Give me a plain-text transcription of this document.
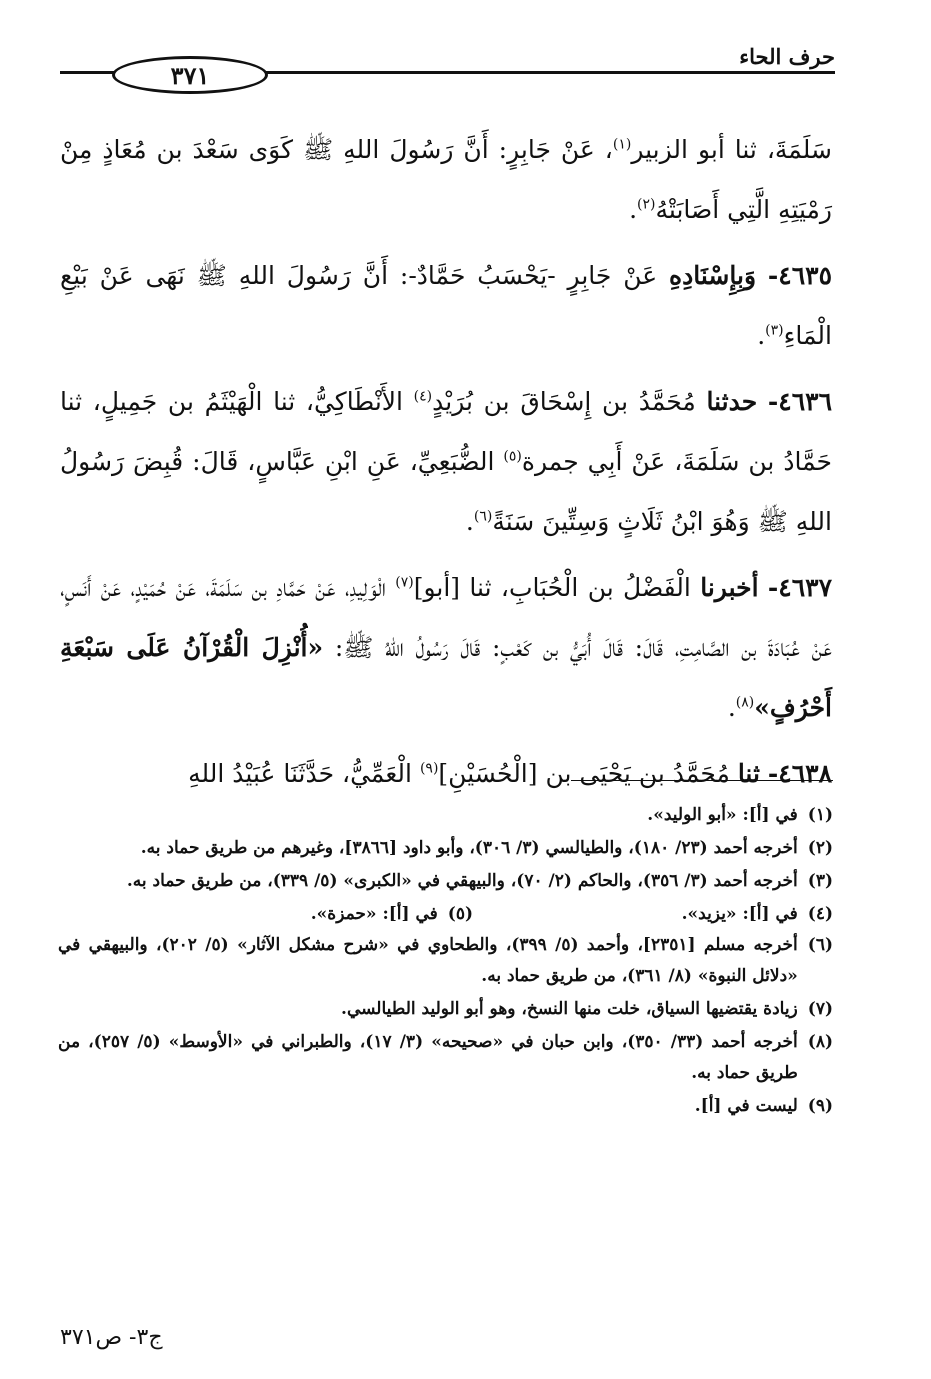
حرف الحاء
٣٧١

سَلَمَةَ، ثنا أبو الزبير$^{(١)}$، عَنْ جَابِرٍ: أَنَّ رَسُولَ اللهِ ﷺ كَوَى سَعْدَ بن مُعَاذٍ مِنْ رَمْيَتِهِ الَّتِي أَصَابَتْهُ$^{(٢)}$.

٤٦٣٥- وَبِإِسْنَادِهِ عَنْ جَابِرٍ -يَحْسَبُ حَمَّادٌ-: أَنَّ رَسُولَ اللهِ ﷺ نَهَى عَنْ بَيْعِ الْمَاءِ$^{(٣)}$.

٤٦٣٦- حدثنا مُحَمَّدُ بن إِسْحَاقَ بن بُرَيْدٍ$^{(٤)}$ الأَنْطَاكِيُّ، ثنا الْهَيْثَمُ بن جَمِيلٍ، ثنا حَمَّادُ بن سَلَمَةَ، عَنْ أَبِي جمرة$^{(٥)}$ الضُّبَعِيِّ، عَنِ ابْنِ عَبَّاسٍ، قَالَ: قُبِضَ رَسُولُ اللهِ ﷺ وَهُوَ ابْنُ ثَلَاثٍ وَسِتِّينَ سَنَةً$^{(٦)}$.

٤٦٣٧- أخبرنا الْفَضْلُ بن الْحُبَابِ، ثنا [أبو]$^{(٧)}$ الْوَلِيدِ، عَنْ حَمَّادِ بن سَلَمَةَ، عَنْ حُمَيْدٍ، عَنْ أَنَسٍ، عَنْ عُبَادَةَ بن الصَّامِتِ، قَالَ: قَالَ أُبَيُّ بن كَعْبٍ: قَالَ رَسُولُ اللهُ ﷺ: «أُنْزِلَ الْقُرْآنُ عَلَى سَبْعَةِ أَحْرُفٍ»$^{(٨)}$.

٤٦٣٨- ثنا مُحَمَّدُ بن يَحْيَى بن [الْحُسَيْنِ]$^{(٩)}$ الْعَمِّيُّ، حَدَّثَنَا عُبَيْدُ اللهِ

(١)
في [أ]: «أبو الوليد».
(٢)
أخرجه أحمد (٢٣/ ١٨٠)، والطيالسي (٣/ ٣٠٦)، وأبو داود [٣٨٦٦]، وغيرهم من طريق حماد به.
(٣)
أخرجه أحمد (٣/ ٣٥٦)، والحاكم (٢/ ٧٠)، والبيهقي في «الكبرى» (٥/ ٣٣٩)، من طريق حماد به.
(٤)
في [أ]: «يزيد».
(٥)
في [أ]: «حمزة».
(٦)
أخرجه مسلم [٢٣٥١]، وأحمد (٥/ ٣٩٩)، والطحاوي في «شرح مشكل الآثار» (٥/ ٢٠٢)، والبيهقي في «دلائل النبوة» (٨/ ٣٦١)، من طريق حماد به.
(٧)
زيادة يقتضيها السياق، خلت منها النسخ، وهو أبو الوليد الطيالسي.
(٨)
أخرجه أحمد (٣٣/ ٣٥٠)، وابن حبان في «صحيحه» (٣/ ١٧)، والطبراني في «الأوسط» (٥/ ٢٥٧)، من طريق حماد به.
(٩)
ليست في [أ].
ج٣- ص٣٧١
